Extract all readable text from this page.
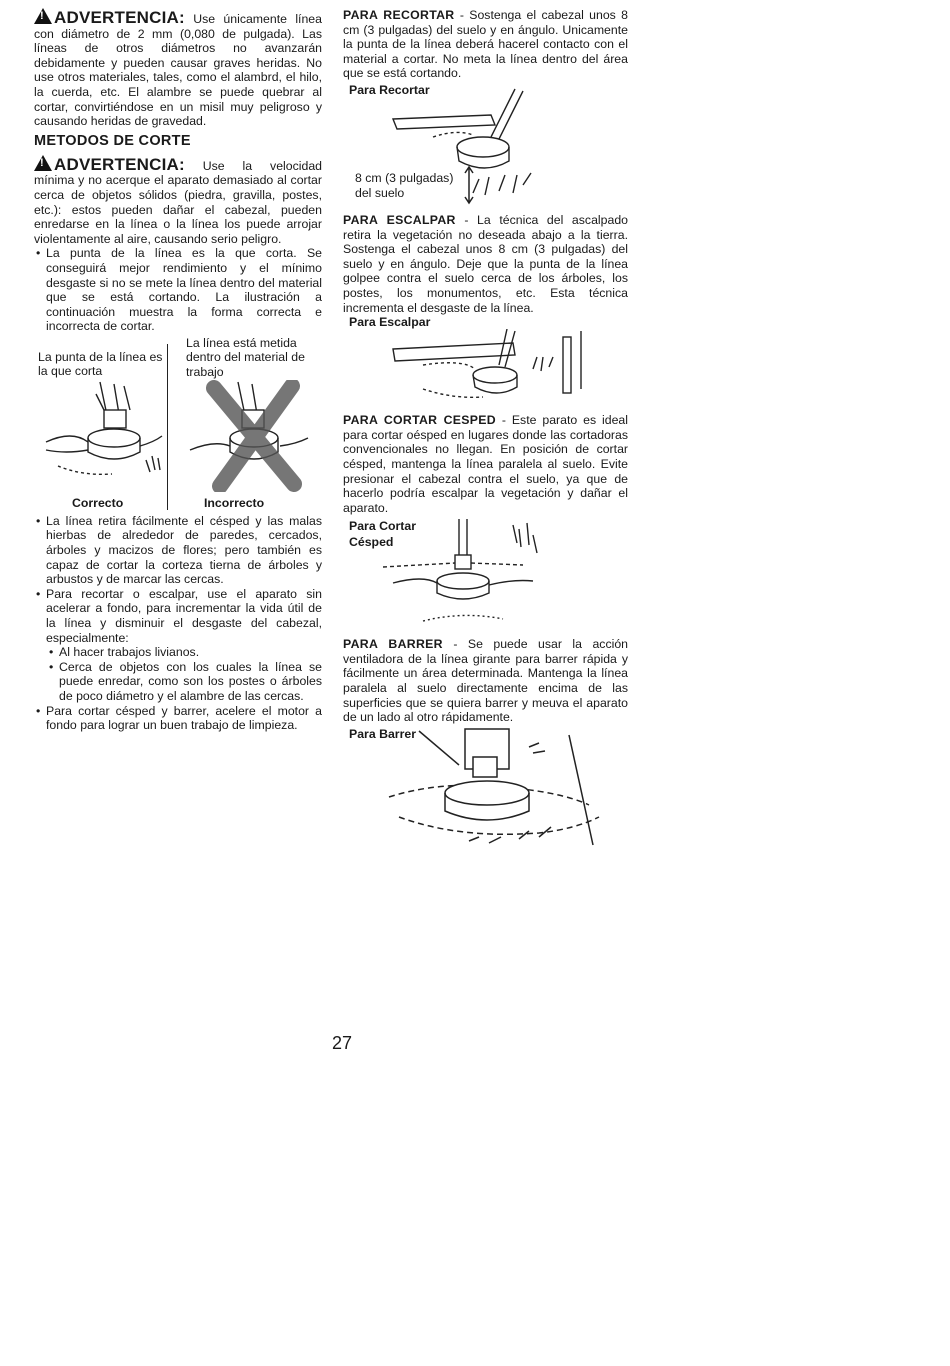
! ADVERTENCIA: Use únicamente línea con diámetro de 2 mm (0,080 de pulgada). Las líneas de otros diámetros no avanzarán debidamente y pueden causar graves heridas. No use otros materiales, tales, como el alambrd, el hilo, la cuerda, etc. El alambre se puede quebrar al cortar, convirtiéndose en un misil muy peligroso y causando heridas de gravedad.

METODOS DE CORTE

! ADVERTENCIA: Use la velocidad mínima y no acerque el aparato demasiado al cortar cerca de objetos sólidos (piedra, gravilla, postes, etc.): estos pueden dañar el cabezal, pueden enredarse en la línea o la línea los puede arrojar violentamente al aire, causando serio peligro.

• La punta de la línea es la que corta. Se conseguirá mejor rendimiento y el mínimo desgaste si no se mete la línea dentro del material que se está cortando. La ilustración a continuación muestra la forma correcta e incorrecta de cortar.
La punta de la línea es la que corta
La línea está metida dentro del material de trabajo
Correcto	Incorrecto
• La línea retira fácilmente el césped y las malas hierbas de alrededor de paredes, cercados, árboles y macizos de flores; pero también es capaz de cortar la corteza tierna de árboles y arbustos y de marcar las cercas.
• Para recortar o escalpar, use el aparato sin acelerar a fondo, para incrementar la vida útil de la línea y disminuir el desgaste del cabezal, especialmente:
• Al hacer trabajos livianos.
• Cerca de objetos con los cuales la línea se puede enredar, como son los postes o árboles de poco diámetro y el alambre de las cercas.
• Para cortar césped y barrer, acelere el motor a fondo para lograr un buen trabajo de limpieza.

PARA RECORTAR - Sostenga el cabezal unos 8 cm (3 pulgadas) del suelo y en ángulo. Unicamente la punta de la línea deberá hacerel contacto con el material a cortar. No meta la línea dentro del área que se está cortando.

Para Recortar
8 cm (3 pulgadas) del suelo

PARA ESCALPAR - La técnica del ascalpado retira la vegetación no deseada abajo a la tierra. Sostenga el cabezal unos 8 cm (3 pulgadas) del suelo y en ángulo. Deje que la punta de la línea golpee contra el suelo cerca de los árboles, los postes, los monumentos, etc. Esta técnica incrementa el desgaste de la línea.

Para Escalpar

PARA CORTAR CESPED - Este parato es ideal para cortar oésped en lugares donde las cortadoras convencionales no llegan. En posición de cortar césped, mantenga la línea paralela al suelo. Evite presionar el cabezal contra el suelo, ya que de hacerlo podría escalpar la vegetación y dañar el aparato.

Para Cortar
Césped

PARA BARRER - Se puede usar la acción ventiladora de la línea girante para barrer rápida y fácilmente un área determinada. Mantenga la línea paralela al suelo directamente encima de las superficies que se quiera barrer y meuva el aparato de un lado al otro rápidamente.

Para Barrer
27
